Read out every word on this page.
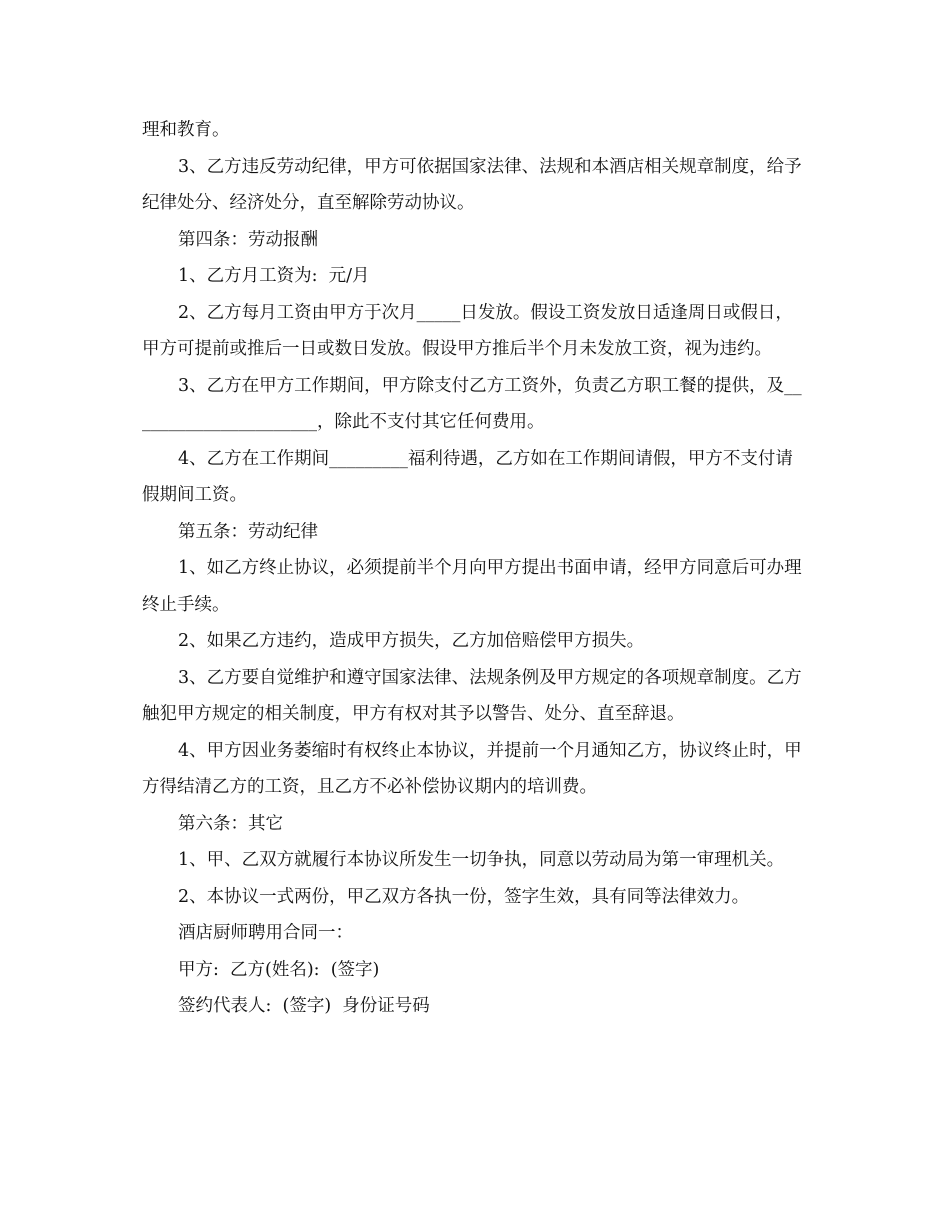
理和教育。

3、乙方违反劳动纪律，甲方可依据国家法律、法规和本酒店相关规章制度，给予纪律处分、经济处分，直至解除劳动协议。

第四条：劳动报酬

1、乙方月工资为:  元/月

2、乙方每月工资由甲方于次月_____日发放。假设工资发放日适逢周日或假日，甲方可提前或推后一日或数日发放。假设甲方推后半个月未发放工资，视为违约。

3、乙方在甲方工作期间，甲方除支付乙方工资外，负责乙方职工餐的提供，及______________________，除此不支付其它任何费用。

4、乙方在工作期间_________福利待遇，乙方如在工作期间请假，甲方不支付请假期间工资。

第五条：劳动纪律

1、如乙方终止协议，必须提前半个月向甲方提出书面申请，经甲方同意后可办理终止手续。

2、如果乙方违约，造成甲方损失，乙方加倍赔偿甲方损失。

3、乙方要自觉维护和遵守国家法律、法规条例及甲方规定的各项规章制度。乙方触犯甲方规定的相关制度，甲方有权对其予以警告、处分、直至辞退。

4、甲方因业务萎缩时有权终止本协议，并提前一个月通知乙方，协议终止时，甲方得结清乙方的工资，且乙方不必补偿协议期内的培训费。

第六条：其它

1、甲、乙双方就履行本协议所发生一切争执，同意以劳动局为第一审理机关。

2、本协议一式两份，甲乙双方各执一份，签字生效，具有同等法律效力。

酒店厨师聘用合同一：

甲方:  乙方(姓名):  (签字)

签约代表人:  (签字)  身份证号码
